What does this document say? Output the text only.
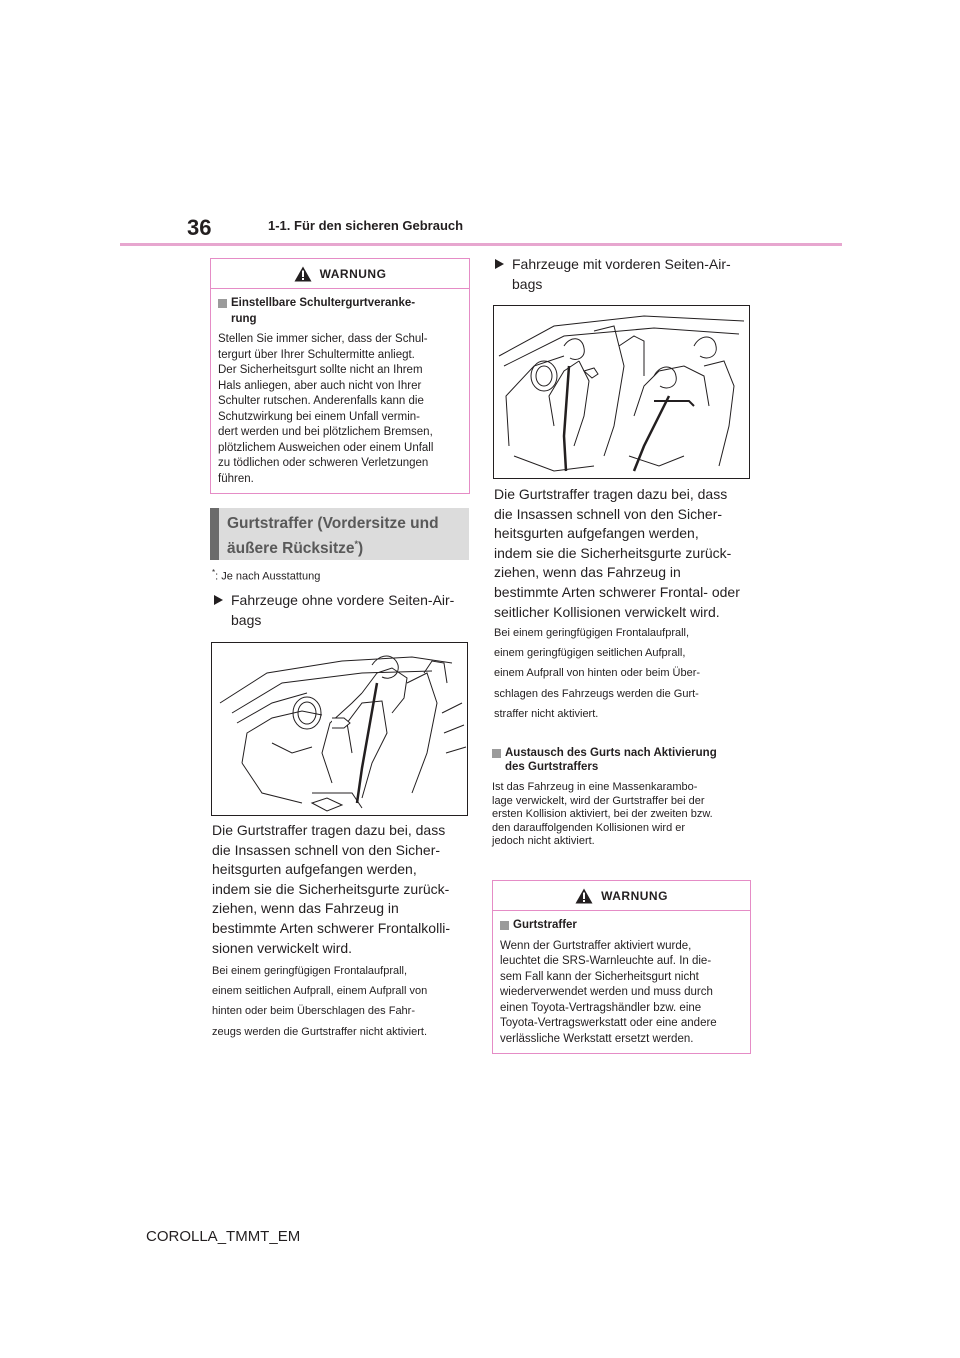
36	1-1. Für den sicheren Gebrauch
WARNUNG
Einstellbare Schultergurtveranke-
rung
Stellen Sie immer sicher, dass der Schul-
tergurt über Ihrer Schultermitte anliegt.
Der Sicherheitsgurt sollte nicht an Ihrem
Hals anliegen, aber auch nicht von Ihrer
Schulter rutschen. Anderenfalls kann die
Schutzwirkung bei einem Unfall vermin-
dert werden und bei plötzlichem Bremsen,
plötzlichem Ausweichen oder einem Unfall
zu tödlichen oder schweren Verletzungen
führen.
Gurtstraffer (Vordersitze und
äußere Rücksitze*)
*: Je nach Ausstattung
Fahrzeuge ohne vordere Seiten-Air-
bags
Die Gurtstraffer tragen dazu bei, dass
die Insassen schnell von den Sicher-
heitsgurten aufgefangen werden,
indem sie die Sicherheitsgurte zurück-
ziehen, wenn das Fahrzeug in
bestimmte Arten schwerer Frontalkolli-
sionen verwickelt wird.
Bei einem geringfügigen Frontalaufprall,
einem seitlichen Aufprall, einem Aufprall von
hinten oder beim Überschlagen des Fahr-
zeugs werden die Gurtstraffer nicht aktiviert.
Fahrzeuge mit vorderen Seiten-Air-
bags
Die Gurtstraffer tragen dazu bei, dass
die Insassen schnell von den Sicher-
heitsgurten aufgefangen werden,
indem sie die Sicherheitsgurte zurück-
ziehen, wenn das Fahrzeug in
bestimmte Arten schwerer Frontal- oder
seitlicher Kollisionen verwickelt wird.
Bei einem geringfügigen Frontalaufprall,
einem geringfügigen seitlichen Aufprall,
einem Aufprall von hinten oder beim Über-
schlagen des Fahrzeugs werden die Gurt-
straffer nicht aktiviert.
Austausch des Gurts nach Aktivierung
des Gurtstraffers
Ist das Fahrzeug in eine Massenkarambo-
lage verwickelt, wird der Gurtstraffer bei der
ersten Kollision aktiviert, bei der zweiten bzw.
den darauffolgenden Kollisionen wird er
jedoch nicht aktiviert.
WARNUNG
Gurtstraffer
Wenn der Gurtstraffer aktiviert wurde,
leuchtet die SRS-Warnleuchte auf. In die-
sem Fall kann der Sicherheitsgurt nicht
wiederverwendet werden und muss durch
einen Toyota-Vertragshändler bzw. eine
Toyota-Vertragswerkstatt oder eine andere
verlässliche Werkstatt ersetzt werden.
COROLLA_TMMT_EM
